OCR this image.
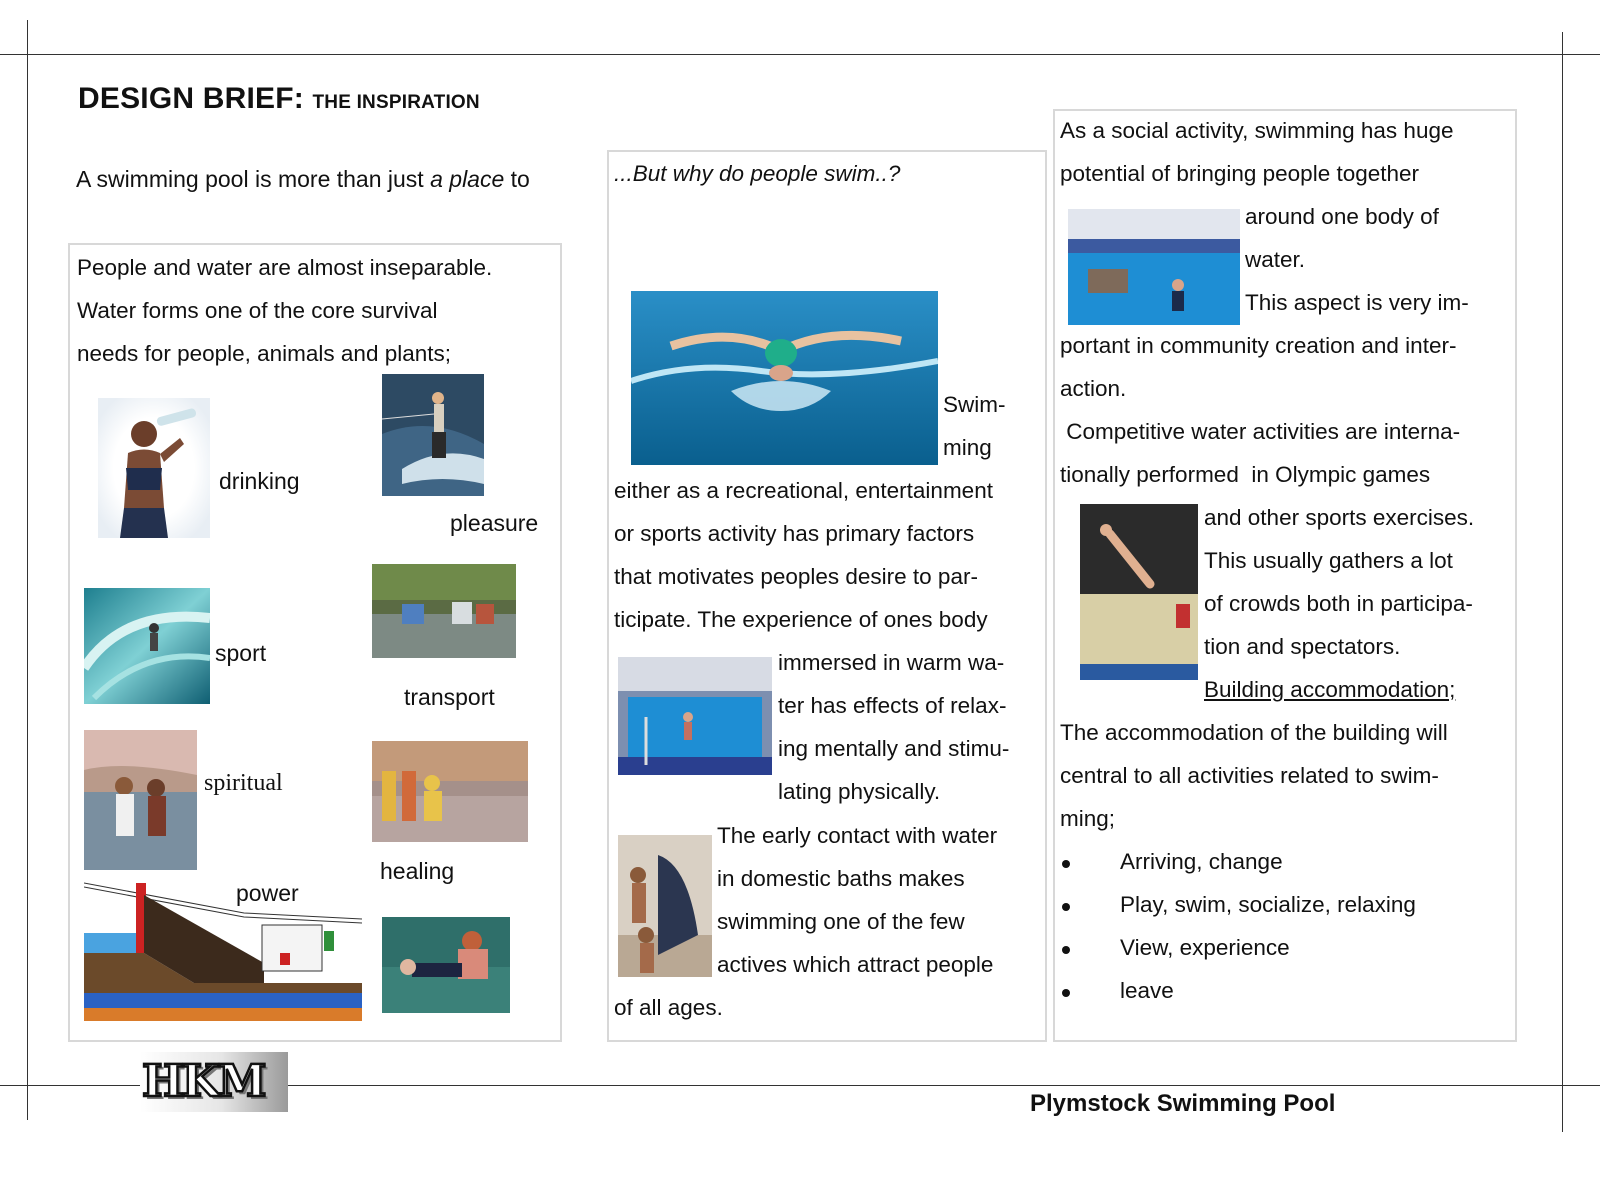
DESIGN BRIEF: THE INSPIRATION
A swimming pool is more than just a place to
People and water are almost inseparable.
Water forms one of the core survival
needs for people, animals and plants;
drinking
pleasure
sport
transport
spiritual
healing
power
...But why do people swim..?
Swim-
ming
either as a recreational, entertainment
or sports activity has primary factors
that motivates peoples desire to par-
ticipate. The experience of ones body
immersed in warm wa-
ter has effects of relax-
ing mentally and stimu-
lating physically.
The early contact with water
in domestic baths makes
swimming one of the few
actives which attract people
of all ages.
As a social activity, swimming has huge
potential of bringing people together
around one body of
water.
This aspect is very im-
portant in community creation and inter-
action.
Competitive water activities are interna-
tionally performed  in Olympic games
and other sports exercises.
This usually gathers a lot
of crowds both in participa-
tion and spectators.
Building accommodation;
The accommodation of the building will
central to all activities related to swim-
ming;
Arriving, change
Play, swim, socialize, relaxing
View, experience
leave
HKM	Plymstock Swimming Pool
